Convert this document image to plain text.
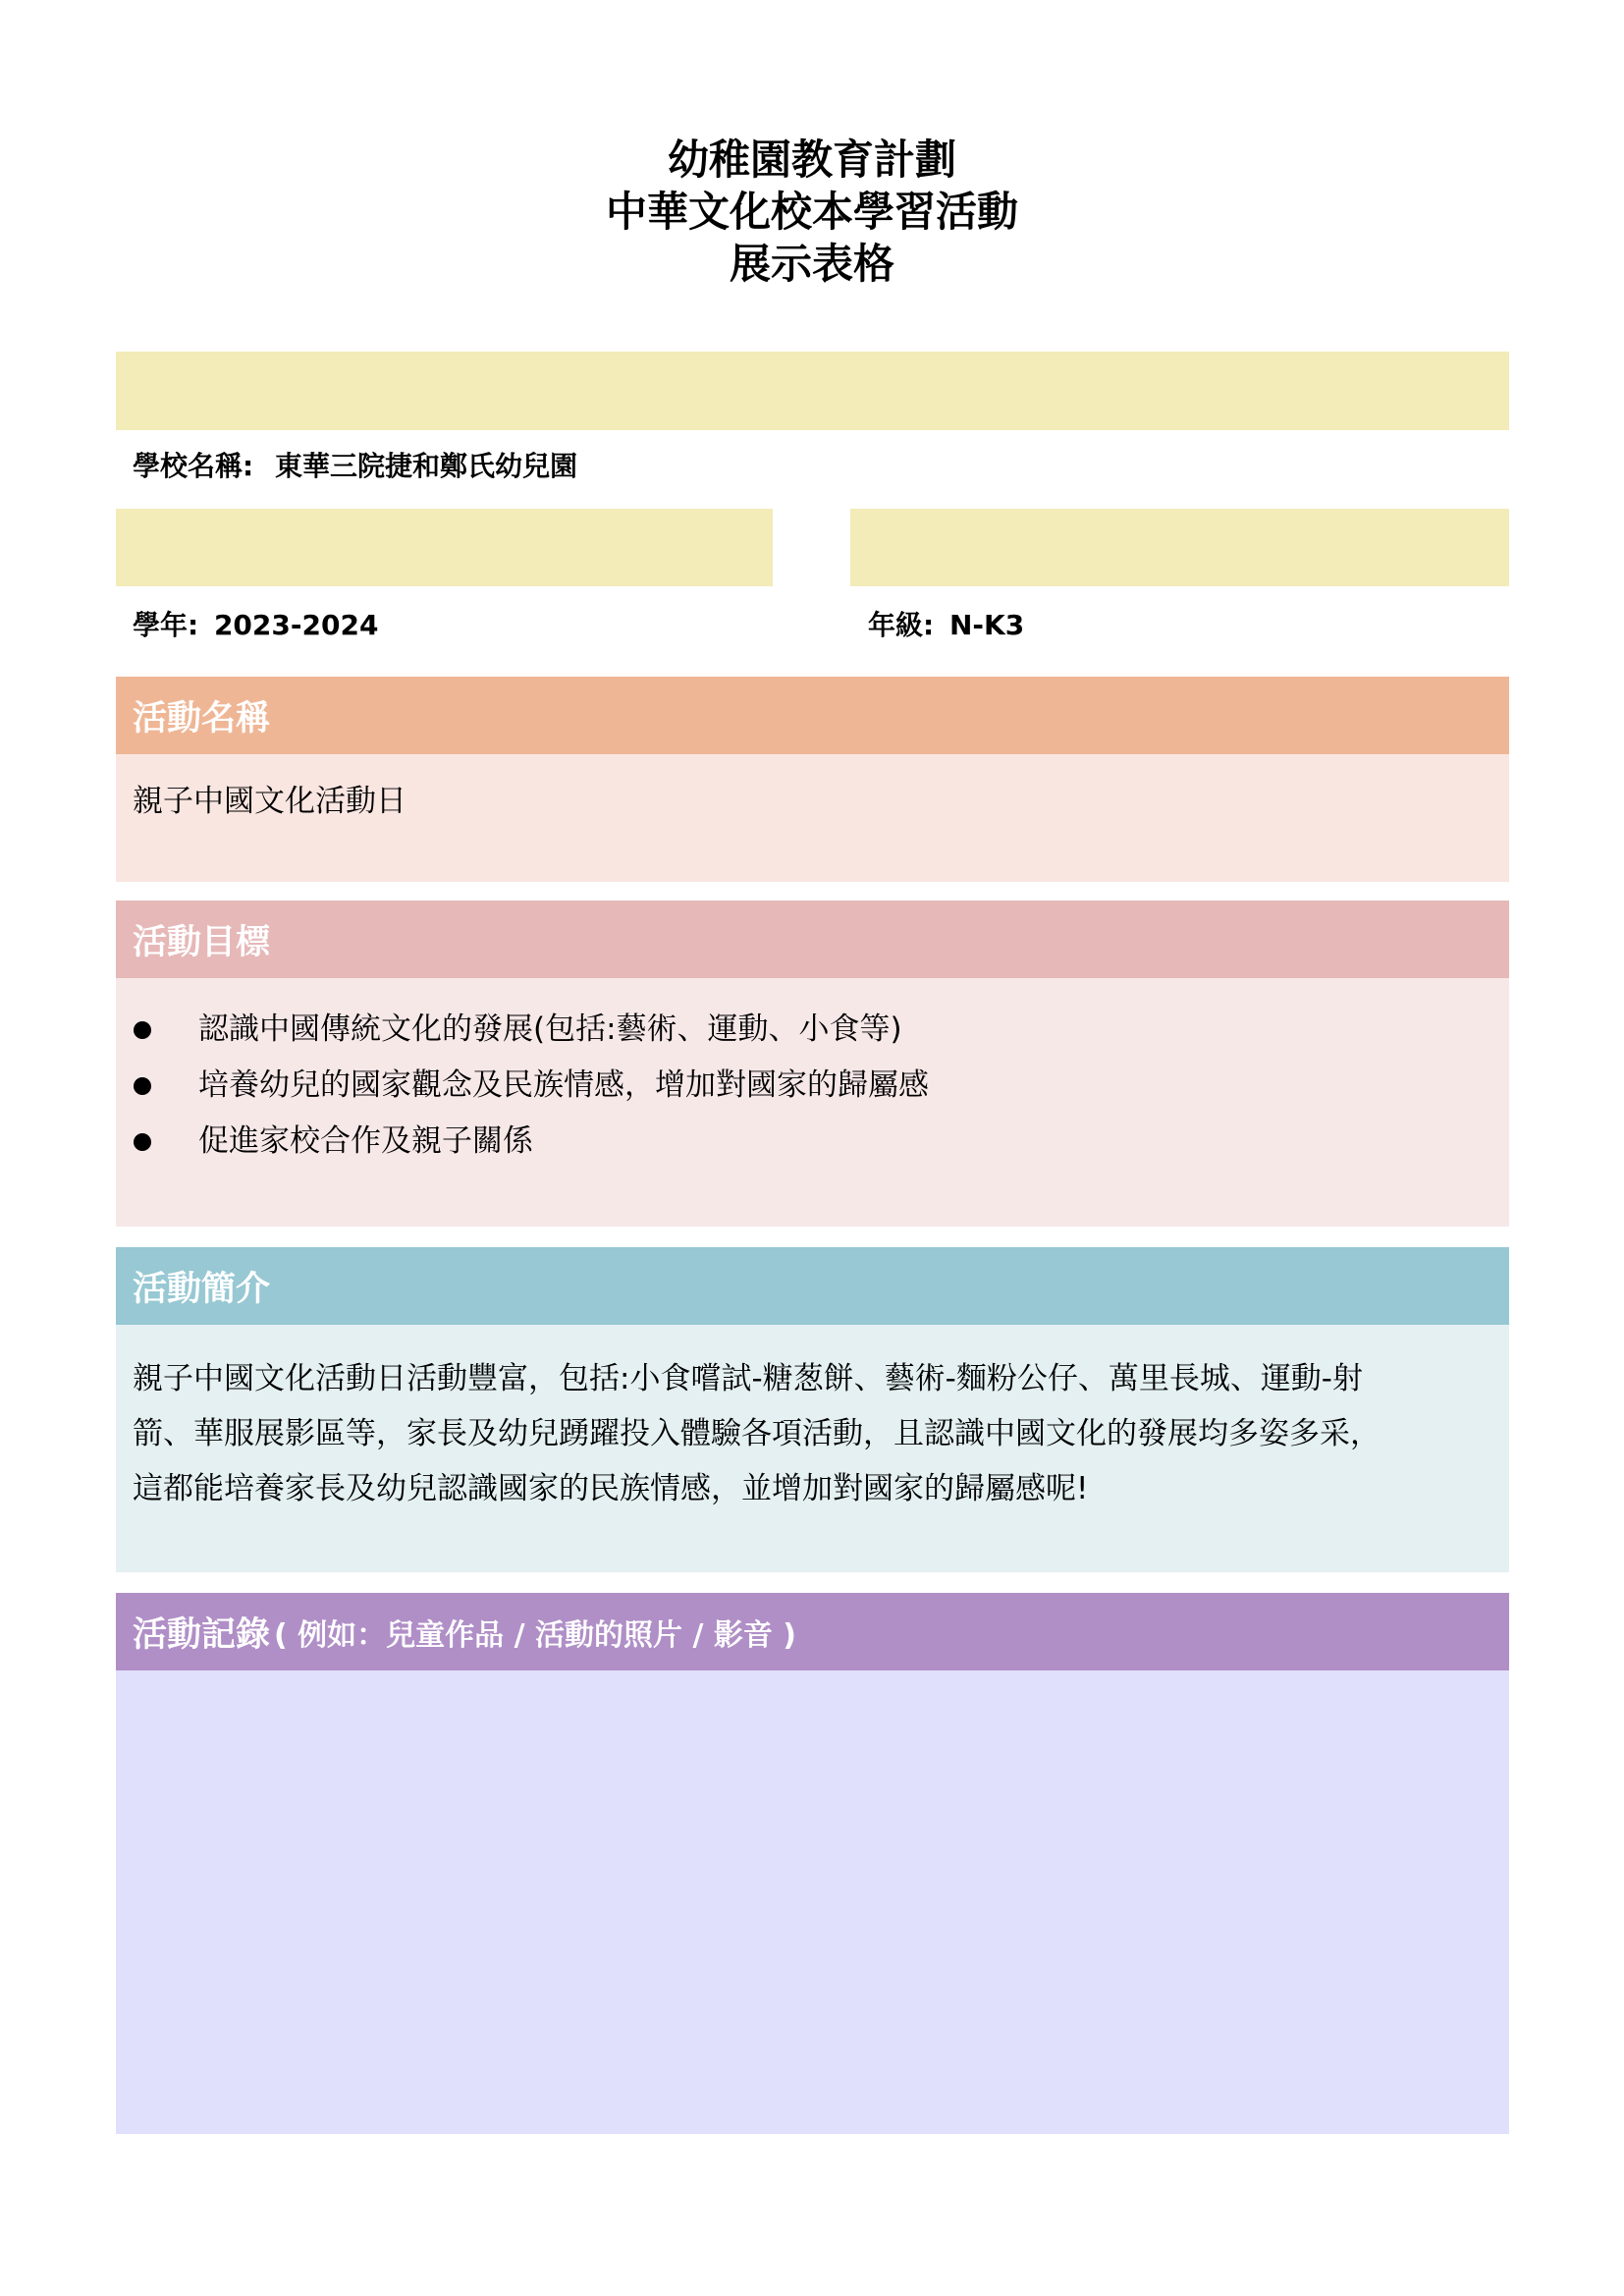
幼稚園教育計劃
中華文化校本學習活動
展示表格
學校名稱: 東華三院捷和鄭氏幼兒園
學年: 2023-2024	年級: N-K3
活動名稱
親子中國文化活動日
活動目標
認識中國傳統文化的發展(包括:藝術、運動、小食等)
培養幼兒的國家觀念及民族情感，增加對國家的歸屬感
促進家校合作及親子關係
活動簡介
親子中國文化活動日活動豐富，包括:小食嚐試-糖葱餅、藝術-麵粉公仔、萬里長城、運動-射
箭、華服展影區等，家長及幼兒踴躍投入體驗各項活動，且認識中國文化的發展均多姿多采，
這都能培養家長及幼兒認識國家的民族情感，並增加對國家的歸屬感呢!
活動記錄 ( 例如：兒童作品 / 活動的照片 / 影音 )
